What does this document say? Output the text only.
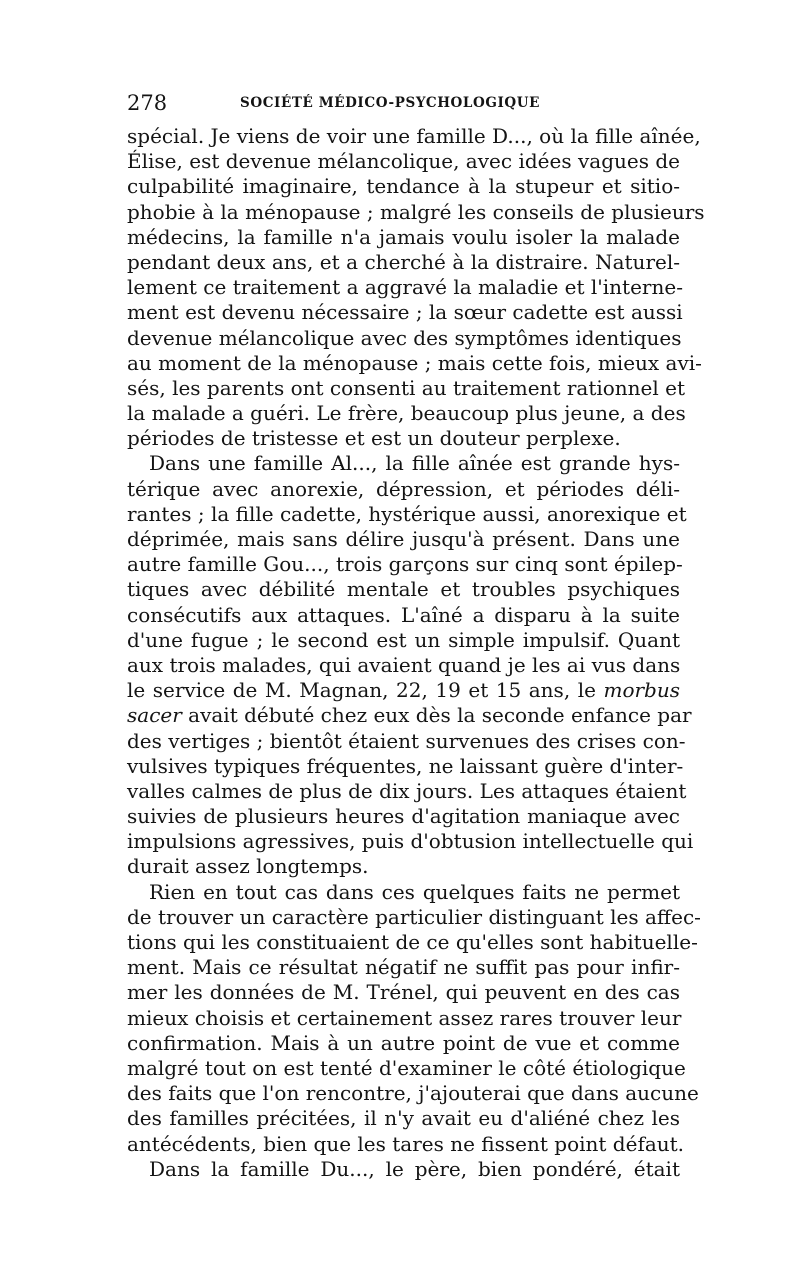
278	SOCIÉTÉ MÉDICO-PSYCHOLOGIQUE
spécial. Je viens de voir une famille D..., où la fille aînée,
Élise, est devenue mélancolique, avec idées vagues de
culpabilité imaginaire, tendance à la stupeur et sitio-
phobie à la ménopause ; malgré les conseils de plusieurs
médecins, la famille n'a jamais voulu isoler la malade
pendant deux ans, et a cherché à la distraire. Naturel-
lement ce traitement a aggravé la maladie et l'interne-
ment est devenu nécessaire ; la sœur cadette est aussi
devenue mélancolique avec des symptômes identiques
au moment de la ménopause ; mais cette fois, mieux avi-
sés, les parents ont consenti au traitement rationnel et
la malade a guéri. Le frère, beaucoup plus jeune, a des
périodes de tristesse et est un douteur perplexe.
Dans une famille Al..., la fille aînée est grande hys-
térique avec anorexie, dépression, et périodes déli-
rantes ; la fille cadette, hystérique aussi, anorexique et
déprimée, mais sans délire jusqu'à présent. Dans une
autre famille Gou..., trois garçons sur cinq sont épilep-
tiques avec débilité mentale et troubles psychiques
consécutifs aux attaques. L'aîné a disparu à la suite
d'une fugue ; le second est un simple impulsif. Quant
aux trois malades, qui avaient quand je les ai vus dans
le service de M. Magnan, 22, 19 et 15 ans, le morbus
sacer avait débuté chez eux dès la seconde enfance par
des vertiges ; bientôt étaient survenues des crises con-
vulsives typiques fréquentes, ne laissant guère d'inter-
valles calmes de plus de dix jours. Les attaques étaient
suivies de plusieurs heures d'agitation maniaque avec
impulsions agressives, puis d'obtusion intellectuelle qui
durait assez longtemps.
Rien en tout cas dans ces quelques faits ne permet
de trouver un caractère particulier distinguant les affec-
tions qui les constituaient de ce qu'elles sont habituelle-
ment. Mais ce résultat négatif ne suffit pas pour infir-
mer les données de M. Trénel, qui peuvent en des cas
mieux choisis et certainement assez rares trouver leur
confirmation. Mais à un autre point de vue et comme
malgré tout on est tenté d'examiner le côté étiologique
des faits que l'on rencontre, j'ajouterai que dans aucune
des familles précitées, il n'y avait eu d'aliéné chez les
antécédents, bien que les tares ne fissent point défaut.
Dans la famille Du..., le père, bien pondéré, était
